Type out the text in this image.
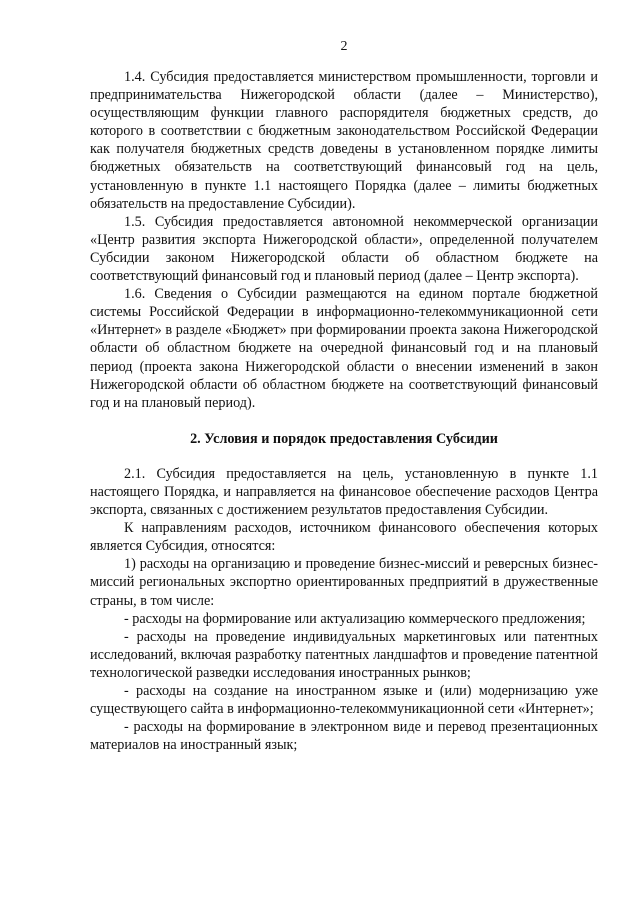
2

1.4. Субсидия предоставляется министерством промышленности, торговли и предпринимательства Нижегородской области (далее – Министерство), осуществляющим функции главного распорядителя бюджетных средств, до которого в соответствии с бюджетным законодательством Российской Федерации как получателя бюджетных средств доведены в установленном порядке лимиты бюджетных обязательств на соответствующий финансовый год на цель, установленную в пункте 1.1 настоящего Порядка (далее – лимиты бюджетных обязательств на предоставление Субсидии).

1.5. Субсидия предоставляется автономной некоммерческой организации «Центр развития экспорта Нижегородской области», определенной получателем Субсидии законом Нижегородской области об областном бюджете на соответствующий финансовый год и плановый период (далее – Центр экспорта).

1.6. Сведения о Субсидии размещаются на едином портале бюджетной системы Российской Федерации в информационно-телекоммуникационной сети «Интернет» в разделе «Бюджет» при формировании проекта закона Нижегородской области об областном бюджете на очередной финансовый год и на плановый период (проекта закона Нижегородской области о внесении изменений в закон Нижегородской области об областном бюджете на соответствующий финансовый год и на плановый период).

2. Условия и порядок предоставления Субсидии

2.1. Субсидия предоставляется на цель, установленную в пункте 1.1 настоящего Порядка, и направляется на финансовое обеспечение расходов Центра экспорта, связанных с достижением результатов предоставления Субсидии.

К направлениям расходов, источником финансового обеспечения которых является Субсидия, относятся:

1) расходы на организацию и проведение бизнес-миссий и реверсных бизнес-миссий региональных экспортно ориентированных предприятий в дружественные страны, в том числе:

- расходы на формирование или актуализацию коммерческого предложения;

- расходы на проведение индивидуальных маркетинговых или патентных исследований, включая разработку патентных ландшафтов и проведение патентной технологической разведки исследования иностранных рынков;

- расходы на создание на иностранном языке и (или) модернизацию уже существующего сайта в информационно-телекоммуникационной сети «Интернет»;

- расходы на формирование в электронном виде и перевод презентационных материалов на иностранный язык;
